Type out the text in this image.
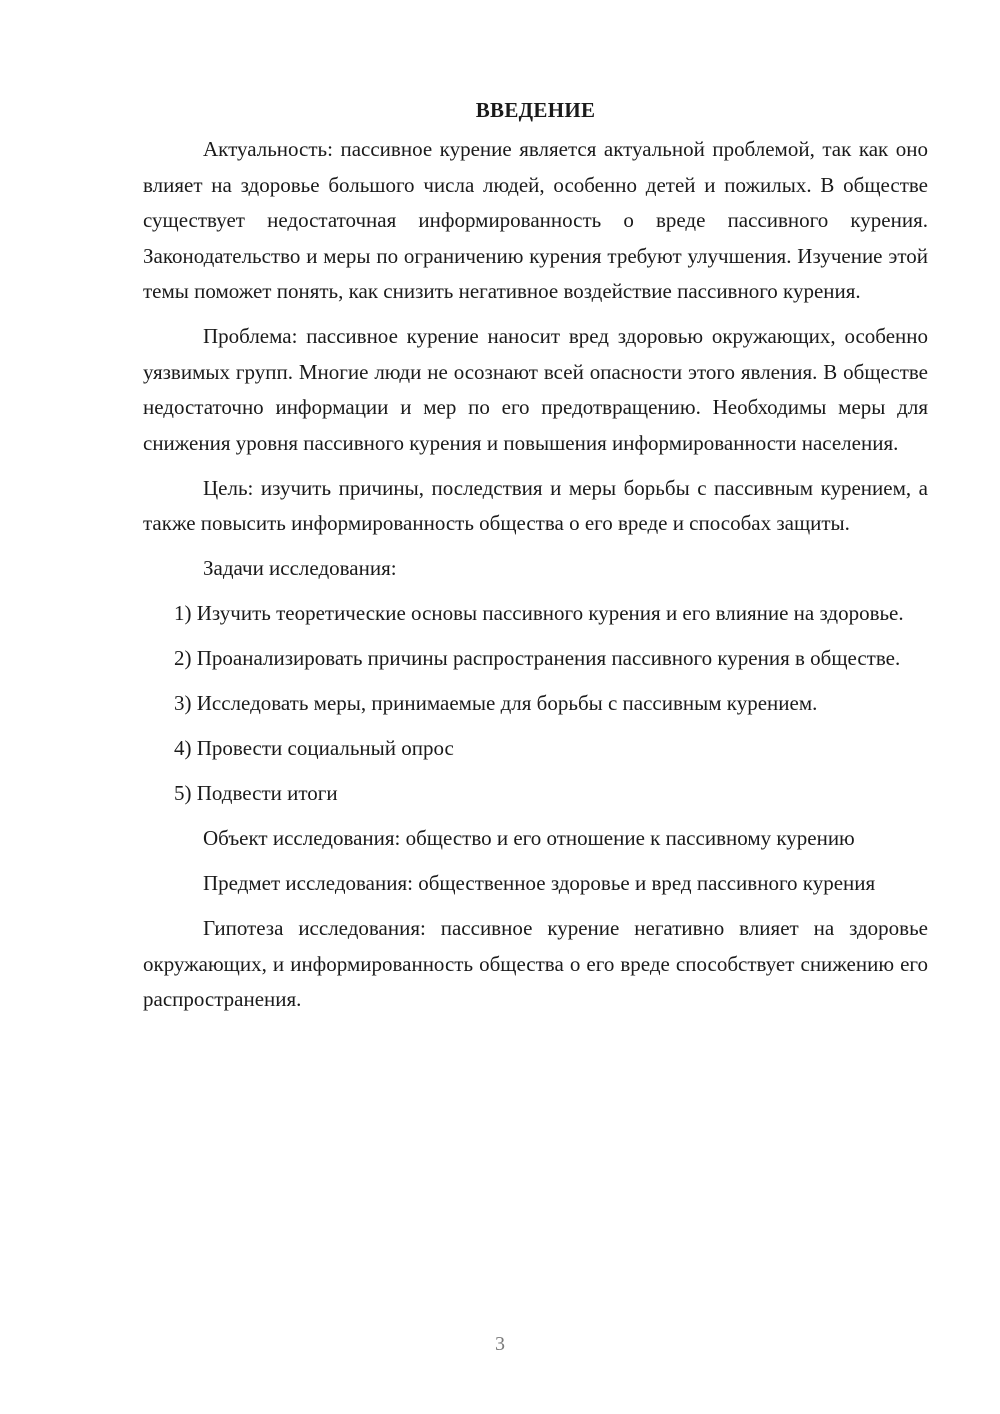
ВВЕДЕНИЕ

Актуальность: пассивное курение является актуальной проблемой, так как оно влияет на здоровье большого числа людей, особенно детей и пожилых. В обществе существует недостаточная информированность о вреде пассивного курения. Законодательство и меры по ограничению курения требуют улучшения. Изучение этой темы поможет понять, как снизить негативное воздействие пассивного курения.

Проблема: пассивное курение наносит вред здоровью окружающих, особенно уязвимых групп. Многие люди не осознают всей опасности этого явления. В обществе недостаточно информации и мер по его предотвращению. Необходимы меры для снижения уровня пассивного курения и повышения информированности населения.

Цель: изучить причины, последствия и меры борьбы с пассивным курением, а также повысить информированность общества о его вреде и способах защиты.

Задачи исследования:

1) Изучить теоретические основы пассивного курения и его влияние на здоровье.

2) Проанализировать причины распространения пассивного курения в обществе.

3) Исследовать меры, принимаемые для борьбы с пассивным курением.

4) Провести социальный опрос

5) Подвести итоги

Объект исследования: общество и его отношение к пассивному курению

Предмет исследования: общественное здоровье и вред пассивного курения

Гипотеза исследования: пассивное курение негативно влияет на здоровье окружающих, и информированность общества о его вреде способствует снижению его распространения.

3
